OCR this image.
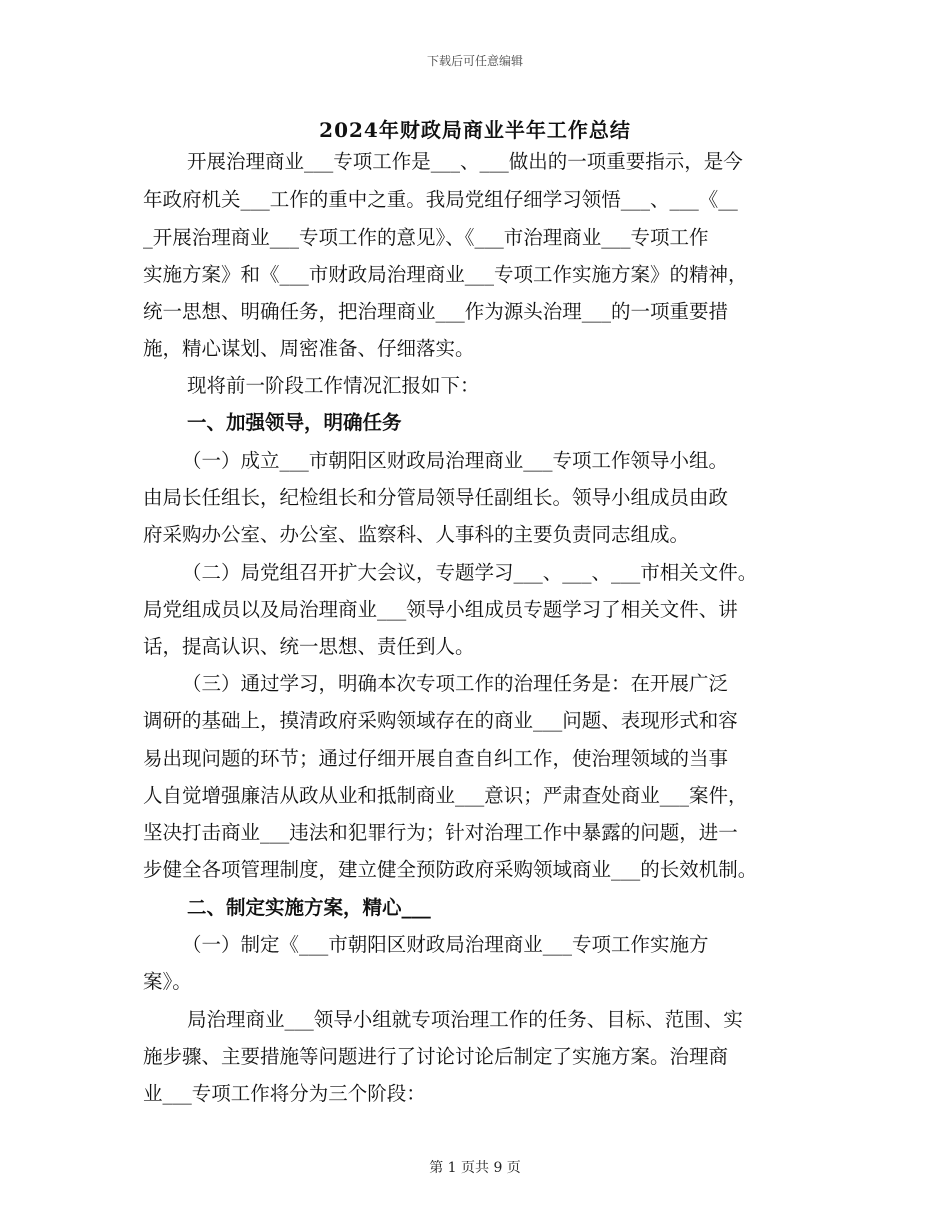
下载后可任意编辑
2024年财政局商业半年工作总结
开展治理商业___专项工作是___、___做出的一项重要指示，是今
年政府机关___工作的重中之重。我局党组仔细学习领悟___、___《__
_开展治理商业___专项工作的意见》、《___市治理商业___专项工作
实施方案》和《___市财政局治理商业___专项工作实施方案》的精神，
统一思想、明确任务，把治理商业___作为源头治理___的一项重要措
施，精心谋划、周密准备、仔细落实。
现将前一阶段工作情况汇报如下：
一、加强领导，明确任务
（一）成立___市朝阳区财政局治理商业___专项工作领导小组。
由局长任组长，纪检组长和分管局领导任副组长。领导小组成员由政
府采购办公室、办公室、监察科、人事科的主要负责同志组成。
（二）局党组召开扩大会议，专题学习___、___、___市相关文件。
局党组成员以及局治理商业___领导小组成员专题学习了相关文件、讲
话，提高认识、统一思想、责任到人。
（三）通过学习，明确本次专项工作的治理任务是：在开展广泛
调研的基础上，摸清政府采购领域存在的商业___问题、表现形式和容
易出现问题的环节；通过仔细开展自查自纠工作，使治理领域的当事
人自觉增强廉洁从政从业和抵制商业___意识；严肃查处商业___案件，
坚决打击商业___违法和犯罪行为；针对治理工作中暴露的问题，进一
步健全各项管理制度，建立健全预防政府采购领域商业___的长效机制。
二、制定实施方案，精心___
（一）制定《___市朝阳区财政局治理商业___专项工作实施方
案》。
局治理商业___领导小组就专项治理工作的任务、目标、范围、实
施步骤、主要措施等问题进行了讨论讨论后制定了实施方案。治理商
业___专项工作将分为三个阶段：
第 1 页共 9 页
